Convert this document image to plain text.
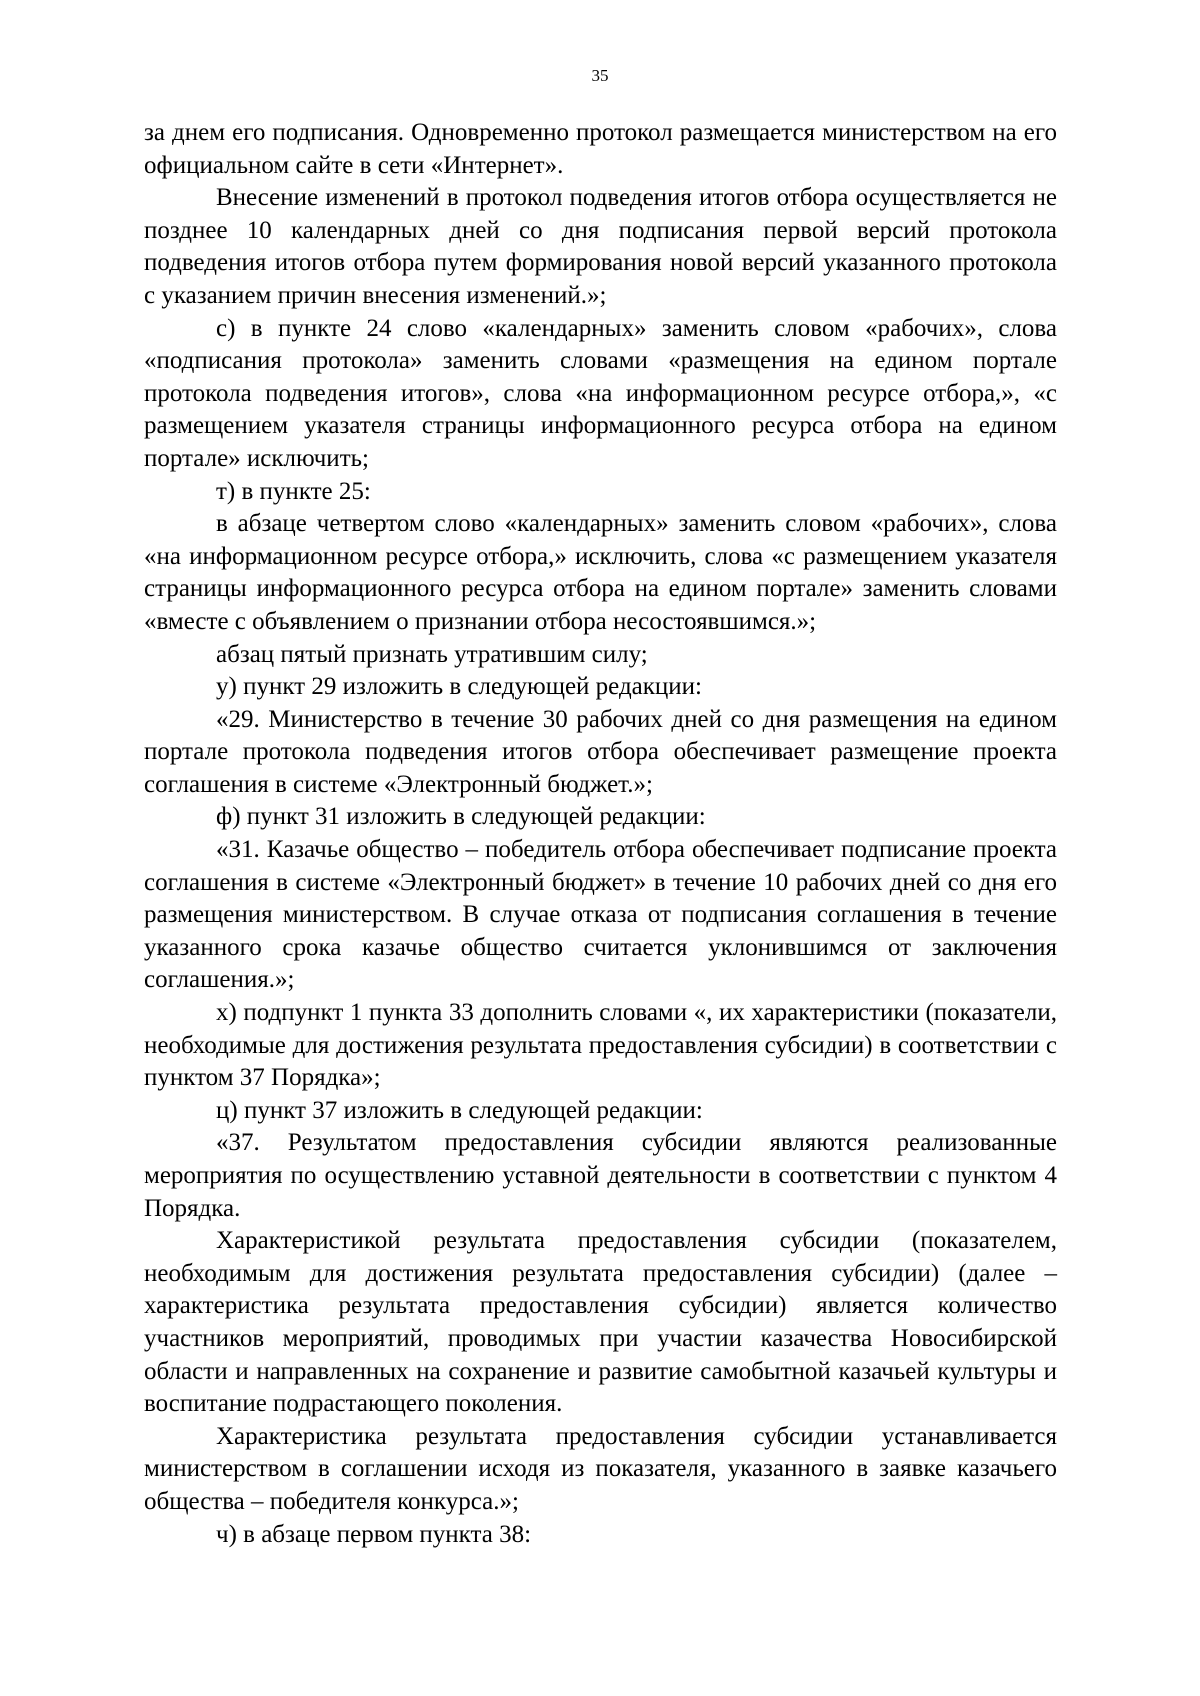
35

за днем его подписания. Одновременно протокол размещается министерством на его официальном сайте в сети «Интернет».

Внесение изменений в протокол подведения итогов отбора осуществляется не позднее 10 календарных дней со дня подписания первой версий протокола подведения итогов отбора путем формирования новой версий указанного протокола с указанием причин внесения изменений.»;

с) в пункте 24 слово «календарных» заменить словом «рабочих», слова «подписания протокола» заменить словами «размещения на едином портале протокола подведения итогов», слова «на информационном ресурсе отбора,», «с размещением указателя страницы информационного ресурса отбора на едином портале» исключить;

т) в пункте 25:

в абзаце четвертом слово «календарных» заменить словом «рабочих», слова «на информационном ресурсе отбора,» исключить, слова «с размещением указателя страницы информационного ресурса отбора на едином портале» заменить словами «вместе с объявлением о признании отбора несостоявшимся.»;

абзац пятый признать утратившим силу;

у) пункт 29 изложить в следующей редакции:

«29. Министерство в течение 30 рабочих дней со дня размещения на едином портале протокола подведения итогов отбора обеспечивает размещение проекта соглашения в системе «Электронный бюджет.»;

ф) пункт 31 изложить в следующей редакции:

«31. Казачье общество – победитель отбора обеспечивает подписание проекта соглашения в системе «Электронный бюджет» в течение 10 рабочих дней со дня его размещения министерством. В случае отказа от подписания соглашения в течение указанного срока казачье общество считается уклонившимся от заключения соглашения.»;

х) подпункт 1 пункта 33 дополнить словами «, их характеристики (показатели, необходимые для достижения результата предоставления субсидии) в соответствии с пунктом 37 Порядка»;

ц) пункт 37 изложить в следующей редакции:

«37. Результатом предоставления субсидии являются реализованные мероприятия по осуществлению уставной деятельности в соответствии с пунктом 4 Порядка.

Характеристикой результата предоставления субсидии (показателем, необходимым для достижения результата предоставления субсидии) (далее – характеристика результата предоставления субсидии) является количество участников мероприятий, проводимых при участии казачества Новосибирской области и направленных на сохранение и развитие самобытной казачьей культуры и воспитание подрастающего поколения.

Характеристика результата предоставления субсидии устанавливается министерством в соглашении исходя из показателя, указанного в заявке казачьего общества – победителя конкурса.»;

ч) в абзаце первом пункта 38:
